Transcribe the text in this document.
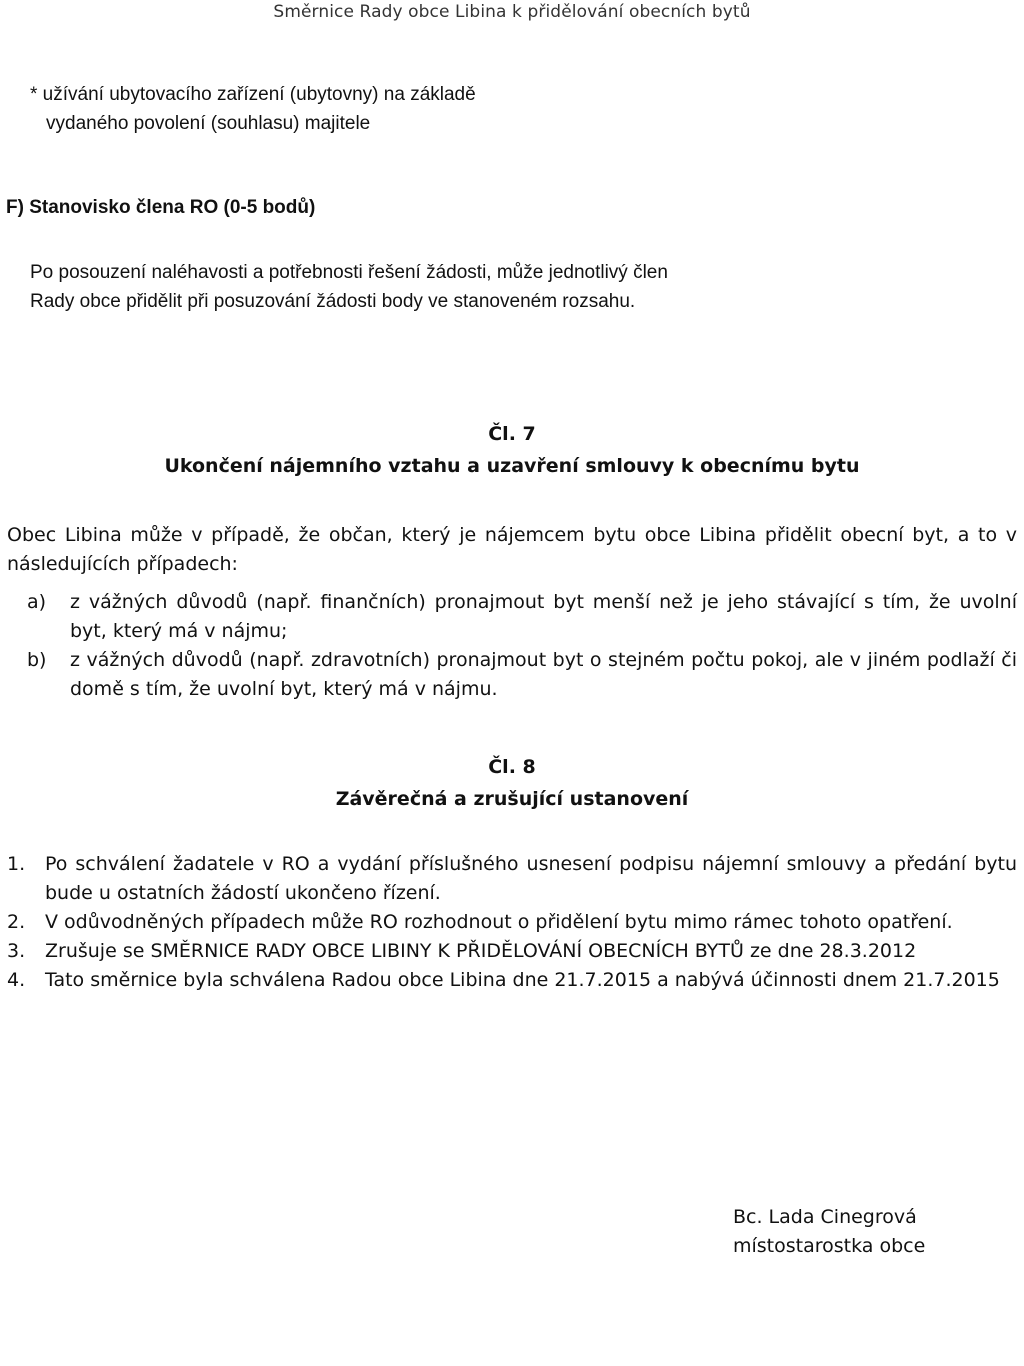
Směrnice Rady obce Libina k přidělování obecních bytů
* užívání ubytovacího zařízení (ubytovny) na základě
vydaného povolení (souhlasu) majitele
F) Stanovisko člena RO (0-5 bodů)
Po posouzení naléhavosti a potřebnosti řešení žádosti, může jednotlivý člen
Rady obce přidělit při posuzování žádosti body ve stanoveném rozsahu.
Čl. 7
Ukončení nájemního vztahu a uzavření smlouvy k obecnímu bytu
Obec Libina může v případě, že občan, který je nájemcem bytu obce Libina přidělit obecní byt, a to v následujících případech:
a) z vážných důvodů (např. finančních) pronajmout byt menší než je jeho stávající s tím, že uvolní byt, který má v nájmu;
b) z vážných důvodů (např. zdravotních) pronajmout byt o stejném počtu pokoj, ale v jiném podlaží či domě s tím, že uvolní byt, který má v nájmu.
Čl. 8
Závěrečná a zrušující ustanovení
1. Po schválení žadatele v RO a vydání příslušného usnesení podpisu nájemní smlouvy a předání bytu bude u ostatních žádostí ukončeno řízení.
2. V odůvodněných případech může RO rozhodnout o přidělení bytu mimo rámec tohoto opatření.
3. Zrušuje se SMĚRNICE RADY OBCE LIBINY K PŘIDĚLOVÁNÍ OBECNÍCH BYTŮ ze dne 28.3.2012
4. Tato směrnice byla schválena Radou obce Libina dne 21.7.2015 a nabývá účinnosti dnem 21.7.2015
Bc. Lada Cinegrová
místostarostka obce
